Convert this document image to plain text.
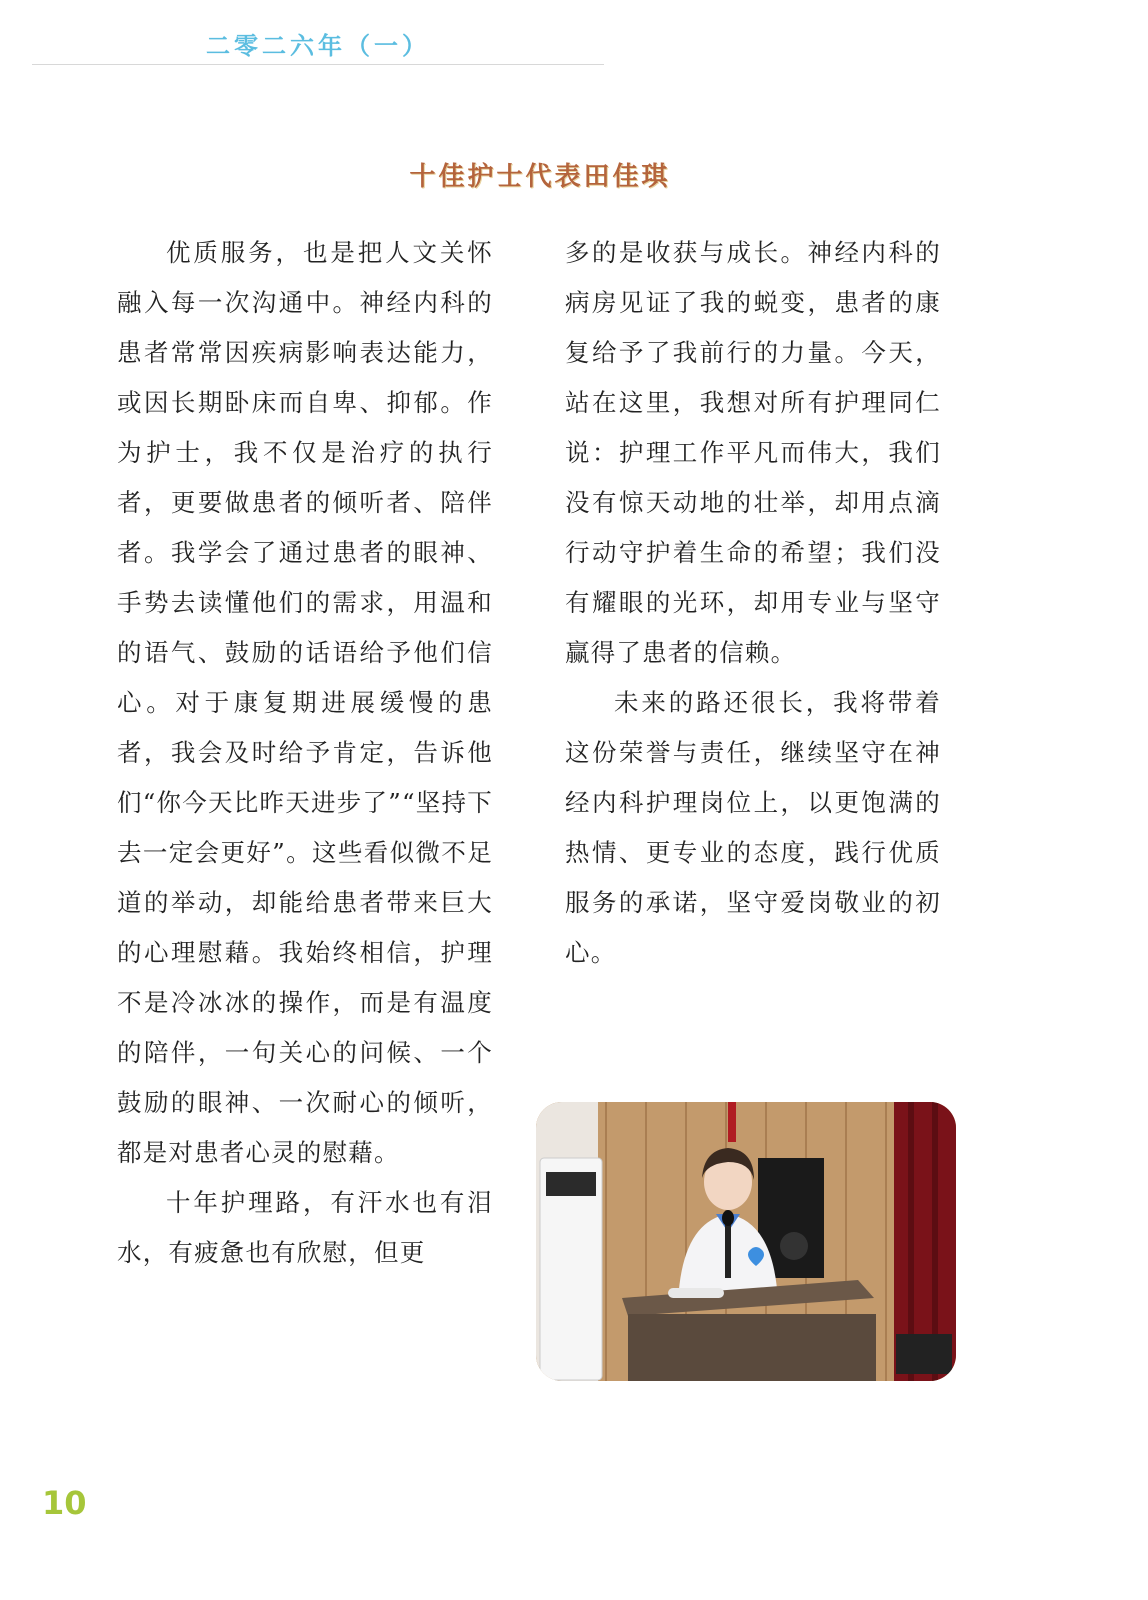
二零二六年（一）
十佳护士代表田佳琪

优质服务，也是把人文关怀融入每一次沟通中。神经内科的患者常常因疾病影响表达能力，或因长期卧床而自卑、抑郁。作为护士，我不仅是治疗的执行者，更要做患者的倾听者、陪伴者。我学会了通过患者的眼神、手势去读懂他们的需求，用温和的语气、鼓励的话语给予他们信心。对于康复期进展缓慢的患者，我会及时给予肯定，告诉他们“你今天比昨天进步了”“坚持下去一定会更好”。这些看似微不足道的举动，却能给患者带来巨大的心理慰藉。我始终相信，护理不是冷冰冰的操作，而是有温度的陪伴，一句关心的问候、一个鼓励的眼神、一次耐心的倾听，都是对患者心灵的慰藉。

十年护理路，有汗水也有泪水，有疲惫也有欣慰，但更

多的是收获与成长。神经内科的病房见证了我的蜕变，患者的康复给予了我前行的力量。今天，站在这里，我想对所有护理同仁说：护理工作平凡而伟大，我们没有惊天动地的壮举，却用点滴行动守护着生命的希望；我们没有耀眼的光环，却用专业与坚守赢得了患者的信赖。

未来的路还很长，我将带着这份荣誉与责任，继续坚守在神经内科护理岗位上，以更饱满的热情、更专业的态度，践行优质服务的承诺，坚守爱岗敬业的初心。

10
